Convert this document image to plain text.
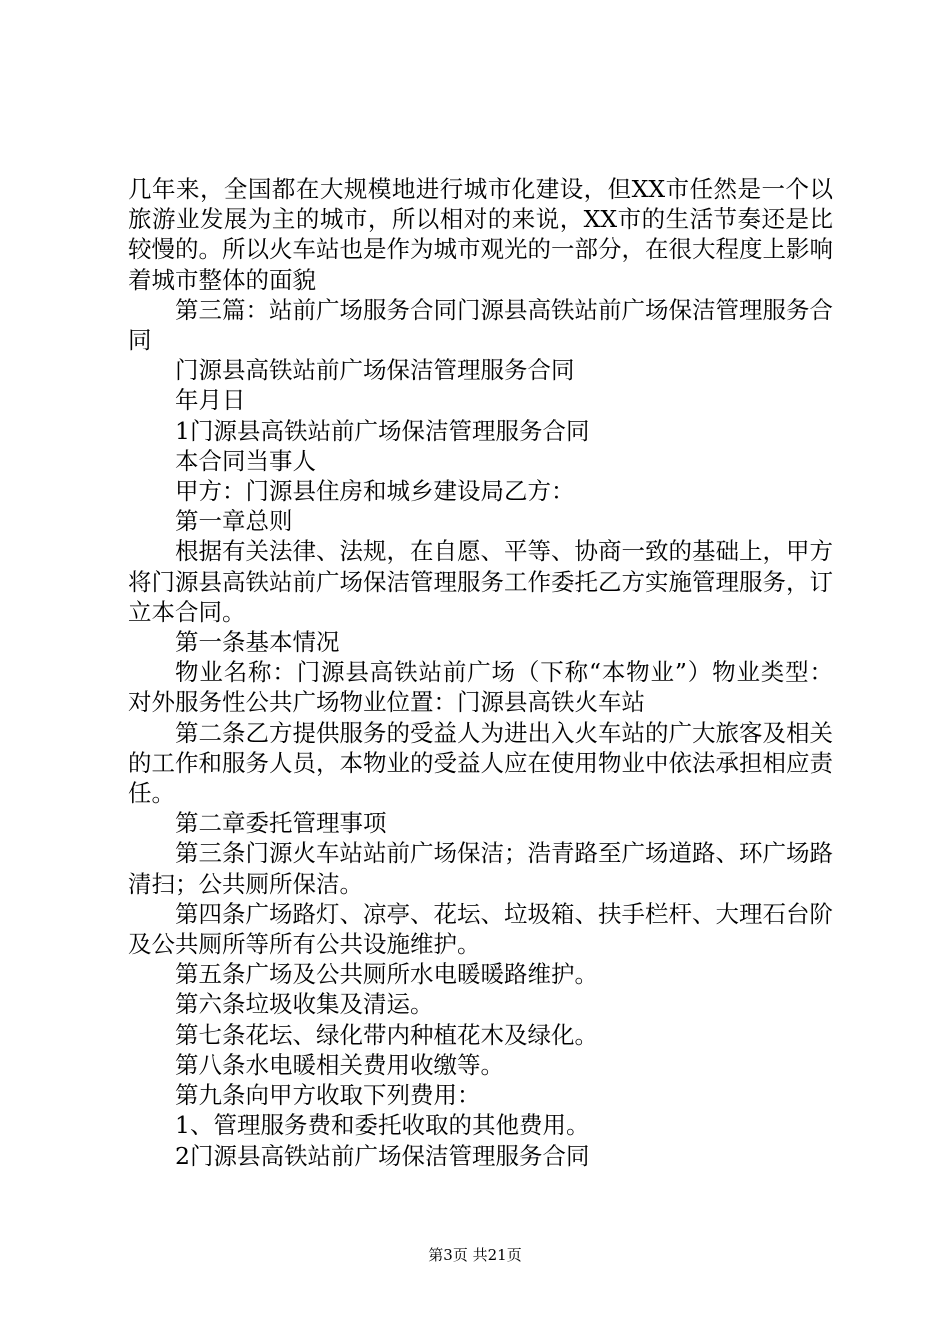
几年来，全国都在大规模地进行城市化建设，但XX市任然是一个以旅游业发展为主的城市，所以相对的来说，XX市的生活节奏还是比较慢的。所以火车站也是作为城市观光的一部分，在很大程度上影响着城市整体的面貌

第三篇：站前广场服务合同门源县高铁站前广场保洁管理服务合同

门源县高铁站前广场保洁管理服务合同

年月日

1门源县高铁站前广场保洁管理服务合同

本合同当事人

甲方：门源县住房和城乡建设局乙方：

第一章总则

根据有关法律、法规，在自愿、平等、协商一致的基础上，甲方将门源县高铁站前广场保洁管理服务工作委托乙方实施管理服务，订立本合同。

第一条基本情况

物业名称：门源县高铁站前广场（下称“本物业”）物业类型：对外服务性公共广场物业位置：门源县高铁火车站

第二条乙方提供服务的受益人为进出入火车站的广大旅客及相关的工作和服务人员，本物业的受益人应在使用物业中依法承担相应责任。

第二章委托管理事项

第三条门源火车站站前广场保洁；浩青路至广场道路、环广场路清扫；公共厕所保洁。

第四条广场路灯、凉亭、花坛、垃圾箱、扶手栏杆、大理石台阶及公共厕所等所有公共设施维护。

第五条广场及公共厕所水电暖暖路维护。

第六条垃圾收集及清运。

第七条花坛、绿化带内种植花木及绿化。

第八条水电暖相关费用收缴等。

第九条向甲方收取下列费用：

1、管理服务费和委托收取的其他费用。

2门源县高铁站前广场保洁管理服务合同

第3页 共21页
